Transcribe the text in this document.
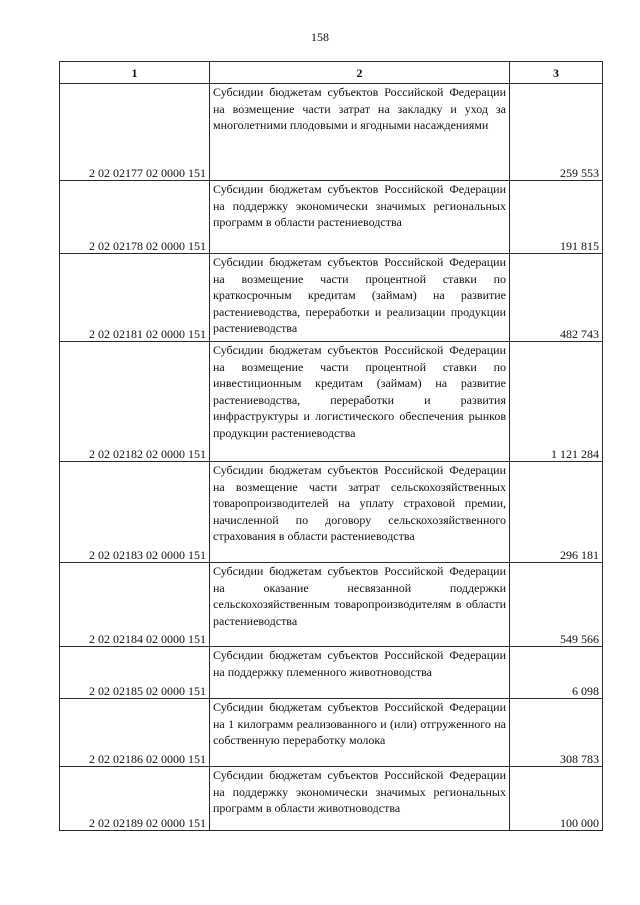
158
1	2	3
2 02 02177 02 0000 151	Субсидии бюджетам субъектов Российской Федерации на возмещение части затрат на закладку и уход за многолетними плодовыми и ягодными насаждениями	259 553
2 02 02178 02 0000 151	Субсидии бюджетам субъектов Российской Федерации на поддержку экономически значимых региональных программ в области растениеводства	191 815
2 02 02181 02 0000 151	Субсидии бюджетам субъектов Российской Федерации на возмещение части процентной ставки по краткосрочным кредитам (займам) на развитие растениеводства, переработки и реализации продукции растениеводства	482 743
2 02 02182 02 0000 151	Субсидии бюджетам субъектов Российской Федерации на возмещение части процентной ставки по инвестиционным кредитам (займам) на развитие растениеводства, переработки и развития инфраструктуры и логистического обеспечения рынков продукции растениеводства	1 121 284
2 02 02183 02 0000 151	Субсидии бюджетам субъектов Российской Федерации на возмещение части затрат сельскохозяйственных товаропроизводителей на уплату страховой премии, начисленной по договору сельскохозяйственного страхования в области растениеводства	296 181
2 02 02184 02 0000 151	Субсидии бюджетам субъектов Российской Федерации на оказание несвязанной поддержки сельскохозяйственным товаропроизводителям в области растениеводства	549 566
2 02 02185 02 0000 151	Субсидии бюджетам субъектов Российской Федерации на поддержку племенного животноводства	6 098
2 02 02186 02 0000 151	Субсидии бюджетам субъектов Российской Федерации на 1 килограмм реализованного и (или) отгруженного на собственную переработку молока	308 783
2 02 02189 02 0000 151	Субсидии бюджетам субъектов Российской Федерации на поддержку экономически значимых региональных программ в области животноводства	100 000
